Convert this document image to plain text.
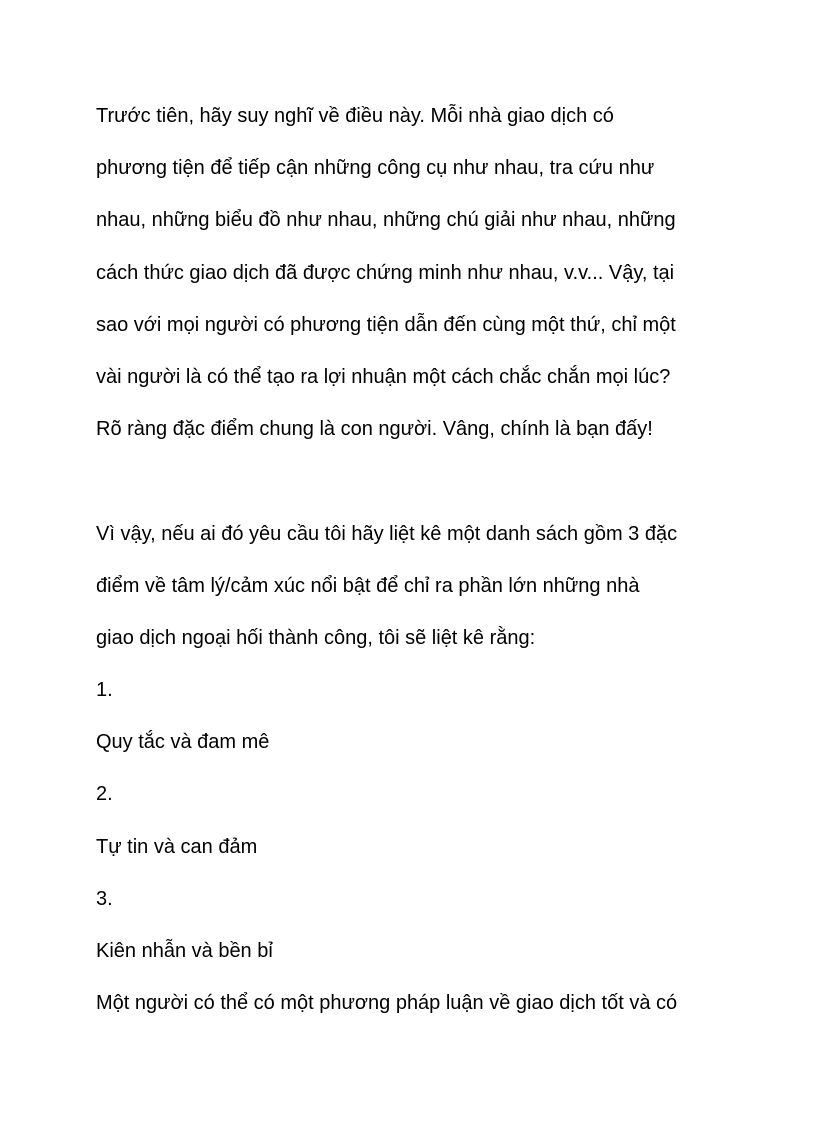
Trước tiên, hãy suy nghĩ về điều này. Mỗi nhà giao dịch có
phương tiện để tiếp cận những công cụ như nhau, tra cứu như
nhau, những biểu đồ như nhau, những chú giải như nhau, những
cách thức giao dịch đã được chứng minh như nhau, v.v... Vậy, tại
sao với mọi người có phương tiện dẫn đến cùng một thứ, chỉ một
vài người là có thể tạo ra lợi nhuận một cách chắc chắn mọi lúc?
Rõ ràng đặc điểm chung là con người. Vâng, chính là bạn đấy!
Vì vậy, nếu ai đó yêu cầu tôi hãy liệt kê một danh sách gồm 3 đặc
điểm về tâm lý/cảm xúc nổi bật để chỉ ra phần lớn những nhà
giao dịch ngoại hối thành công, tôi sẽ liệt kê rằng:
1.
Quy tắc và đam mê
2.
Tự tin và can đảm
3.
Kiên nhẫn và bền bỉ
Một người có thể có một phương pháp luận về giao dịch tốt và có
